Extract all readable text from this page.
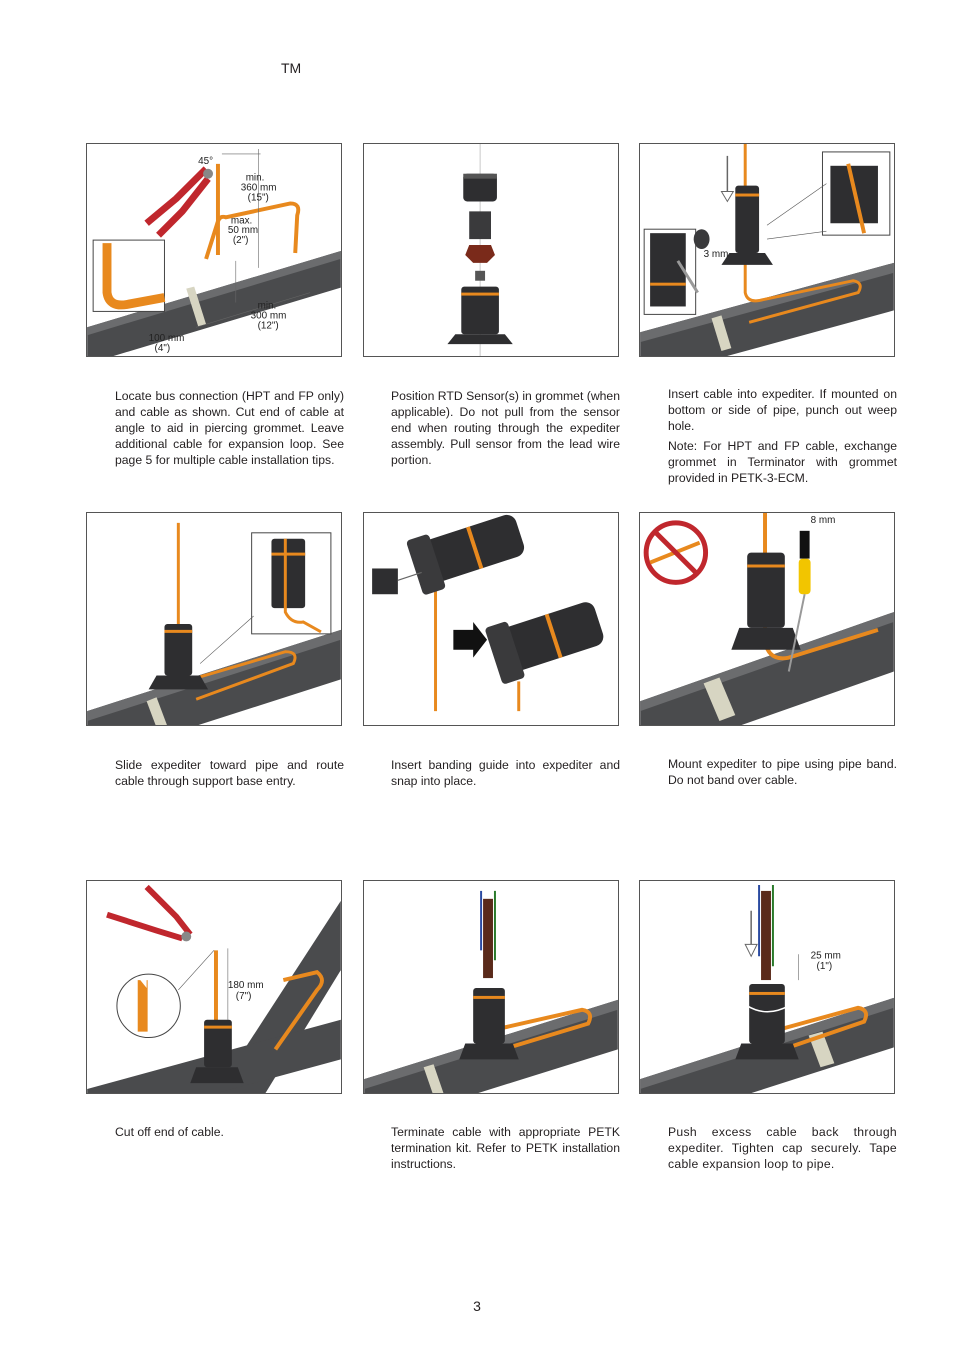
TM
45°
min.
360 mm
(15")
max.
50 mm
(2")
min.
300 mm
(12")
100 mm
(4")
3 mm

Locate bus connection (HPT and FP only) and cable as shown. Cut end of cable at angle to aid in piercing grommet. Leave additional cable for expansion loop. See page 5 for multiple cable installation tips.

Position RTD Sensor(s) in grommet (when applicable). Do not pull from the sensor end when routing through the expediter assembly. Pull sensor from the lead wire portion.

Insert cable into expediter. If mounted on bottom or side of pipe, punch out weep hole.

Note: For HPT and FP cable, exchange grommet in Terminator with grommet provided in PETK-3-ECM.

8 mm

Slide expediter toward pipe and route cable through support base entry.

Insert banding guide into expediter and snap into place.

Mount expediter to pipe using pipe band. Do not band over cable.

180 mm
(7")
25 mm
(1")

Cut off end of cable.	Terminate cable with appropriate PETK termination kit. Refer to PETK installation instructions.

Push excess cable back through expediter. Tighten cap securely. Tape cable expansion loop to pipe.

3
